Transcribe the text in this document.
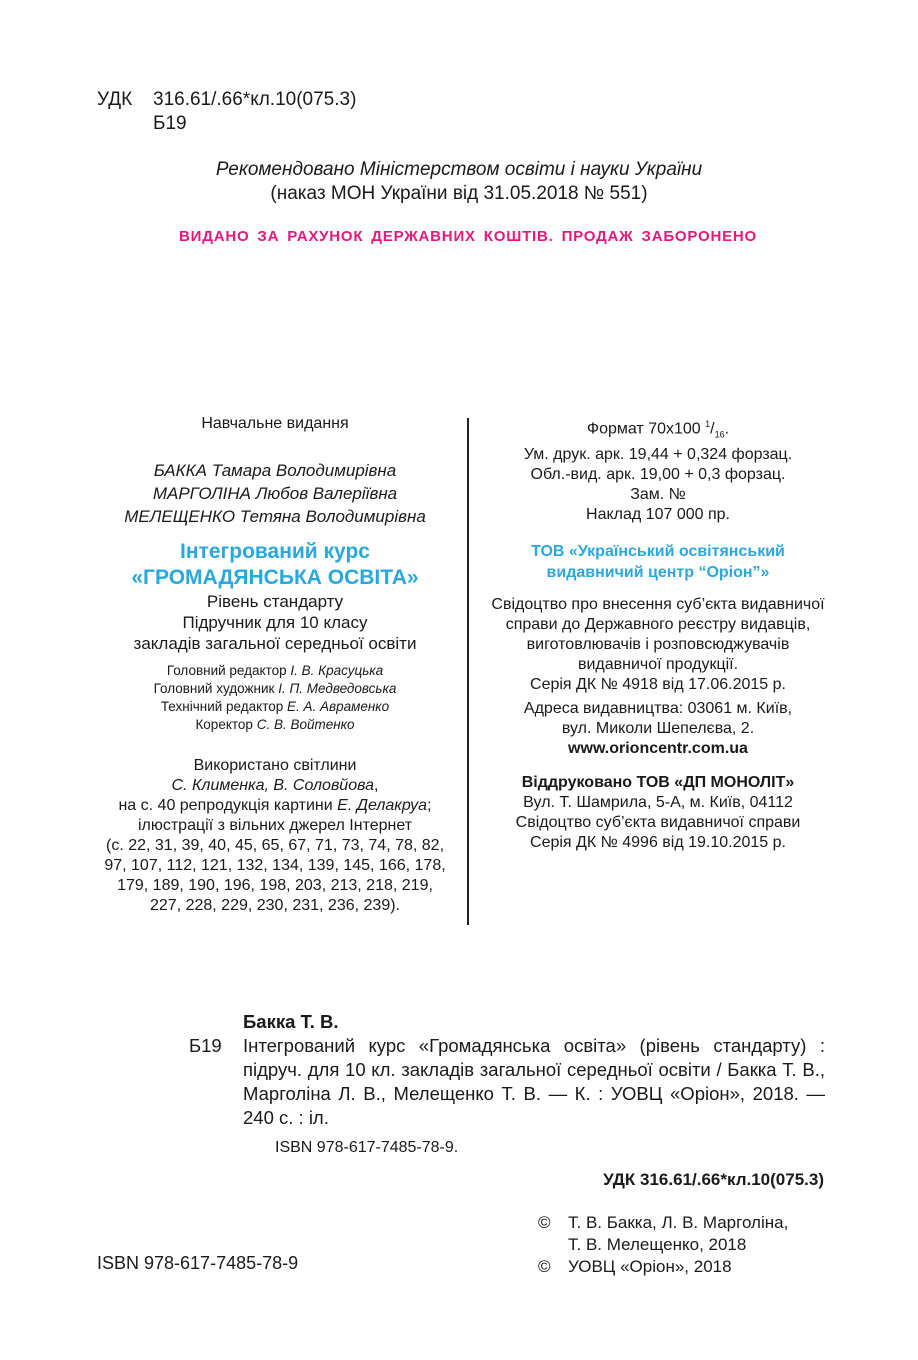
УДК 316.61/.66*кл.10(075.3)
Б19

Рекомендовано Міністерством освіти і науки України
(наказ МОН України від 31.05.2018 № 551)
ВИДАНО ЗА РАХУНОК ДЕРЖАВНИХ КОШТІВ. ПРОДАЖ ЗАБОРОНЕНО
Навчальне видання
БАККА Тамара Володимирівна
МАРГОЛІНА Любов Валеріївна
МЕЛЕЩЕНКО Тетяна Володимирівна
Інтегрований курс
«ГРОМАДЯНСЬКА ОСВІТА»
Рівень стандарту
Підручник для 10 класу
закладів загальної середньої освіти
Головний редактор І. В. Красуцька
Головний художник І. П. Медведовська
Технічний редактор Е. А. Авраменко
Коректор С. В. Войтенко
Використано світлини
С. Клименка, В. Соловйова,
на с. 40 репродукція картини Е. Делакруа;
ілюстрації з вільних джерел Інтернет
(с. 22, 31, 39, 40, 45, 65, 67, 71, 73, 74, 78, 82,
97, 107, 112, 121, 132, 134, 139, 145, 166, 178,
179, 189, 190, 196, 198, 203, 213, 218, 219,
227, 228, 229, 230, 231, 236, 239).
Формат 70x100 $^1/_{16}$.
Ум. друк. арк. 19,44 + 0,324 форзац.
Обл.-вид. арк. 19,00 + 0,3 форзац.
Зам. №
Наклад 107 000 пр.
ТОВ «Український освітянський
видавничий центр “Оріон”»
Свідоцтво про внесення суб’єкта видавничої
справи до Державного реєстру видавців,
виготовлювачів і розповсюджувачів
видавничої продукції.
Серія ДК № 4918 від 17.06.2015 р.
Адреса видавництва: 03061 м. Київ,
вул. Миколи Шепелєва, 2.
www.orioncentr.com.ua
Віддруковано ТОВ «ДП МОНОЛІТ»
Вул. Т. Шамрила, 5-А, м. Київ, 04112
Свідоцтво суб’єкта видавничої справи
Серія ДК № 4996 від 19.10.2015 р.
Бакка Т. В.
Б19 Інтегрований курс «Громадянська освіта» (рівень стандарту) : підруч. для 10 кл. закладів загальної середньої освіти / Бакка Т. В., Марголіна Л. В., Мелещенко Т. В. — К. : УОВЦ «Оріон», 2018. — 240 с. : іл.
ISBN 978-617-7485-78-9.
УДК 316.61/.66*кл.10(075.3)
©	Т. В. Бакка, Л. В. Марголіна,
Т. В. Мелещенко, 2018
©	УОВЦ «Оріон», 2018
ISBN 978-617-7485-78-9
